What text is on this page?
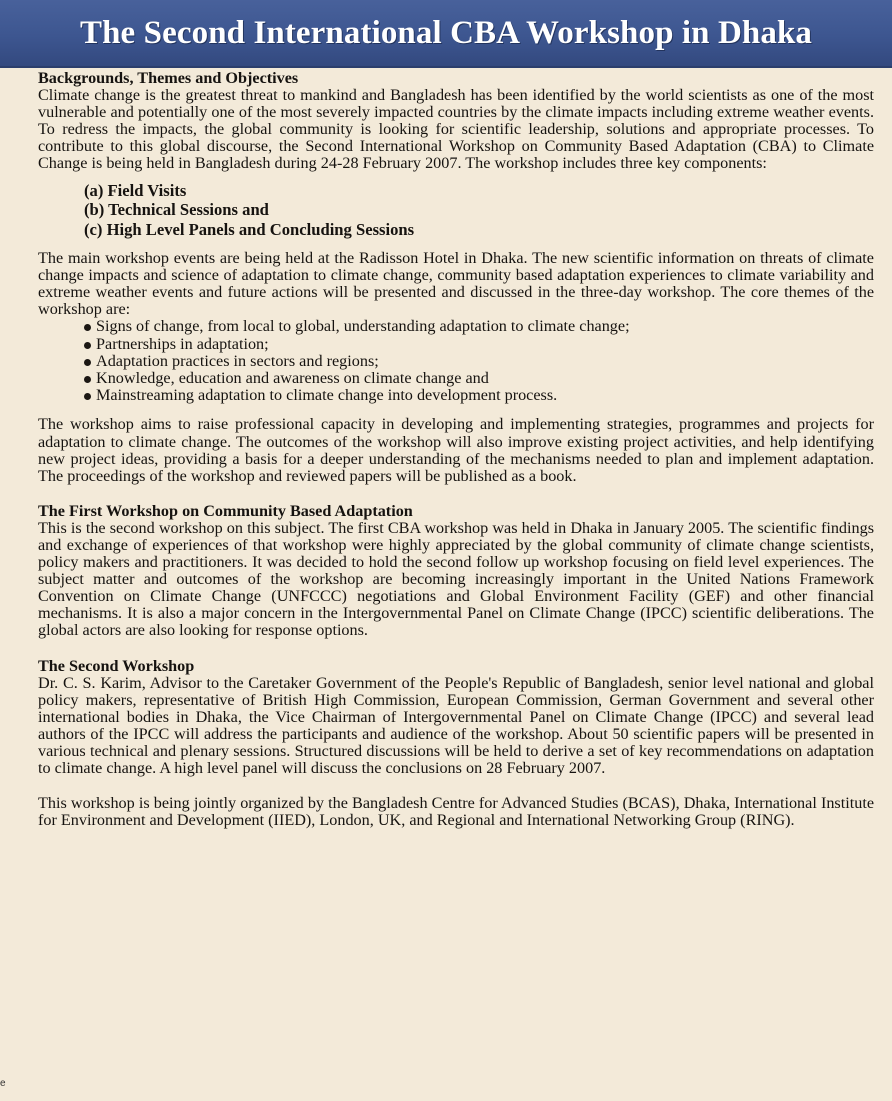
The Second International CBA Workshop in Dhaka
Backgrounds, Themes and Objectives

Climate change is the greatest threat to mankind and Bangladesh has been identified by the world scientists as one of the most vulnerable and potentially one of the most severely impacted countries by the climate impacts including extreme weather events. To redress the impacts, the global community is looking for scientific leadership, solutions and appropriate processes. To contribute to this global discourse, the Second International Workshop on Community Based Adaptation (CBA) to Climate Change is being held in Bangladesh during 24-28 February 2007. The workshop includes three key components:

(a) Field Visits
(b) Technical Sessions and
(c) High Level Panels and Concluding Sessions

The main workshop events are being held at the Radisson Hotel in Dhaka. The new scientific information on threats of climate change impacts and science of adaptation to climate change, community based adaptation experiences to climate variability and extreme weather events and future actions will be presented and discussed in the three-day workshop. The core themes of the workshop are:

Signs of change, from local to global, understanding adaptation to climate change;
Partnerships in adaptation;
Adaptation practices in sectors and regions;
Knowledge, education and awareness on climate change and
Mainstreaming adaptation to climate change into development process.

The workshop aims to raise professional capacity in developing and implementing strategies, programmes and projects for adaptation to climate change. The outcomes of the workshop will also improve existing project activities, and help identifying new project ideas, providing a basis for a deeper understanding of the mechanisms needed to plan and implement adaptation. The proceedings of the workshop and reviewed papers will be published as a book.

The First Workshop on Community Based Adaptation

This is the second workshop on this subject. The first CBA workshop was held in Dhaka in January 2005. The scientific findings and exchange of experiences of that workshop were highly appreciated by the global community of climate change scientists, policy makers and practitioners. It was decided to hold the second follow up workshop focusing on field level experiences. The subject matter and outcomes of the workshop are becoming increasingly important in the United Nations Framework Convention on Climate Change (UNFCCC) negotiations and Global Environment Facility (GEF) and other financial mechanisms. It is also a major concern in the Intergovernmental Panel on Climate Change (IPCC) scientific deliberations. The global actors are also looking for response options.

The Second Workshop

Dr. C. S. Karim, Advisor to the Caretaker Government of the People's Republic of Bangladesh, senior level national and global policy makers, representative of British High Commission, European Commission, German Government and several other international bodies in Dhaka, the Vice Chairman of Intergovernmental Panel on Climate Change (IPCC) and several lead authors of the IPCC will address the participants and audience of the workshop. About 50 scientific papers will be presented in various technical and plenary sessions. Structured discussions will be held to derive a set of key recommendations on adaptation to climate change. A high level panel will discuss the conclusions on 28 February 2007.

This workshop is being jointly organized by the Bangladesh Centre for Advanced Studies (BCAS), Dhaka, International Institute for Environment and Development (IIED), London, UK, and Regional and International Networking Group (RING).

e
